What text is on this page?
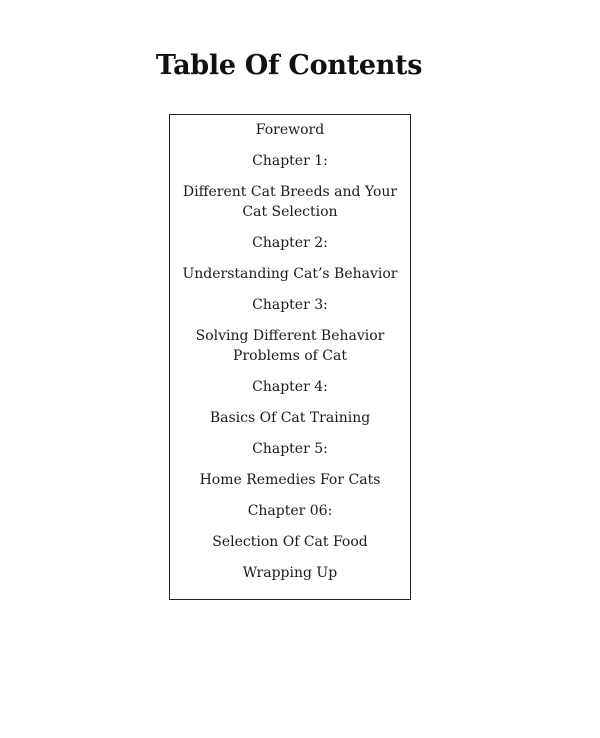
Table Of Contents
Foreword
Chapter 1:
Different Cat Breeds and Your Cat Selection
Chapter 2:
Understanding Cat’s Behavior
Chapter 3:
Solving Different Behavior Problems of Cat
Chapter 4:
Basics Of Cat Training
Chapter 5:
Home Remedies For Cats
Chapter 06:
Selection Of Cat Food
Wrapping Up
